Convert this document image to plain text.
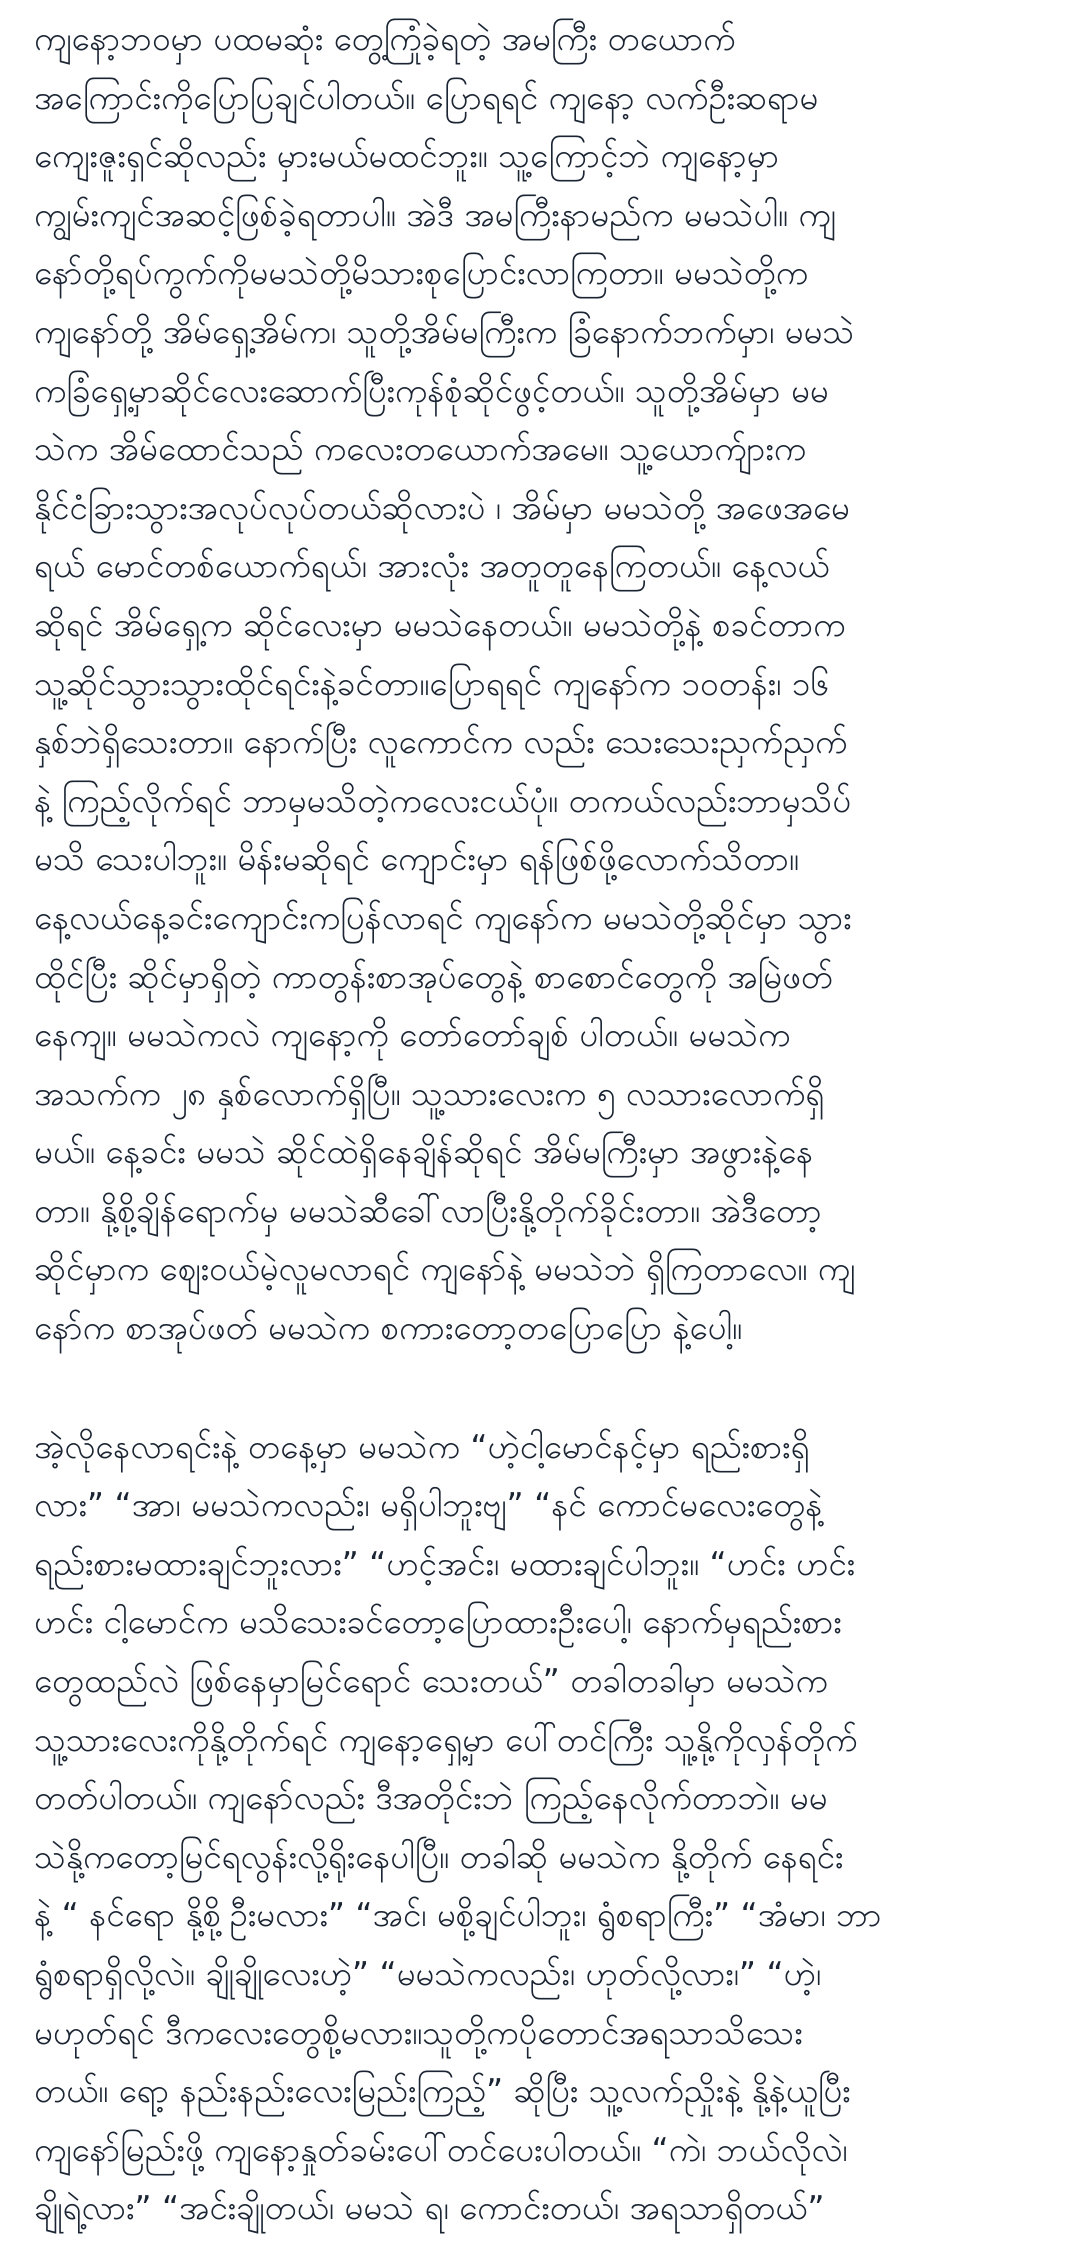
ကျနော့ဘဝမှာ ပထမဆုံး တွေ့ကြုံခဲ့ရတဲ့ အမကြီး တယောက်
အကြောင်းကိုပြောပြချင်ပါတယ်။ ပြောရရင် ကျနော့ လက်ဦးဆရာမ
ကျေးဇူးရှင်ဆိုလည်း မှားမယ်မထင်ဘူး။ သူ့ကြောင့်ဘဲ ကျနော့မှာ
ကျွမ်းကျင်အဆင့်ဖြစ်ခဲ့ရတာပါ။ အဲဒီ အမကြီးနာမည်က မမသဲပါ။ ကျ
နော်တို့ရပ်ကွက်ကိုမမသဲတို့မိသားစုပြောင်းလာကြတာ။ မမသဲတို့က
ကျနော်တို့ အိမ်ရှေ့အိမ်က၊ သူတို့အိမ်မကြီးက ခြံနောက်ဘက်မှာ၊ မမသဲ
ကခြံရှေ့မှာဆိုင်လေးဆောက်ပြီးကုန်စုံဆိုင်ဖွင့်တယ်။ သူတို့အိမ်မှာ မမ
သဲက အိမ်ထောင်သည် ကလေးတယောက်အမေ။ သူ့ယောက်ျားက
နိုင်ငံခြားသွားအလုပ်လုပ်တယ်ဆိုလားပဲ ၊ အိမ်မှာ မမသဲတို့ အဖေအမေ
ရယ် မောင်တစ်ယောက်ရယ်၊ အားလုံး အတူတူနေကြတယ်။ နေ့လယ်
ဆိုရင် အိမ်ရှေ့က ဆိုင်လေးမှာ မမသဲနေတယ်။ မမသဲတို့နဲ့ စခင်တာက
သူ့ဆိုင်သွားသွားထိုင်ရင်းနဲ့ခင်တာ။ပြောရရင် ကျနော်က ၁၀တန်း၊ ၁၆
နှစ်ဘဲရှိသေးတာ။ နောက်ပြီး လူကောင်က လည်း သေးသေးညှက်ညှက်
နဲ့ ကြည့်လိုက်ရင် ဘာမှမသိတဲ့ကလေးငယ်ပုံ။ တကယ်လည်းဘာမှသိပ်
မသိ သေးပါဘူး။ မိန်းမဆိုရင် ကျောင်းမှာ ရန်ဖြစ်ဖို့လောက်သိတာ။
နေ့လယ်နေ့ခင်းကျောင်းကပြန်လာရင် ကျနော်က မမသဲတို့ဆိုင်မှာ သွား
ထိုင်ပြီး ဆိုင်မှာရှိတဲ့ ကာတွန်းစာအုပ်တွေနဲ့ စာစောင်တွေကို အမြဲဖတ်
နေကျ။ မမသဲကလဲ ကျနော့ကို တော်တော်ချစ် ပါတယ်။ မမသဲက
အသက်က ၂၈ နှစ်လောက်ရှိပြီ။ သူ့သားလေးက ၅ လသားလောက်ရှိ
မယ်။ နေ့ခင်း မမသဲ ဆိုင်ထဲရှိနေချိန်ဆိုရင် အိမ်မကြီးမှာ အဖွားနဲ့နေ
တာ။ နို့စို့ချိန်ရောက်မှ မမသဲဆီခေါ်လာပြီးနို့တိုက်ခိုင်းတာ။ အဲဒီတော့
ဆိုင်မှာက ဈေးဝယ်မဲ့လူမလာရင် ကျနော်နဲ့ မမသဲဘဲ ရှိကြတာလေ။ ကျ
နော်က စာအုပ်ဖတ် မမသဲက စကားတော့တပြောပြော နဲ့ပေါ့။
အဲ့လိုနေလာရင်းနဲ့ တနေ့မှာ မမသဲက “ဟဲ့ငါ့မောင်နင့်မှာ ရည်းစားရှိ
လား” “အာ၊ မမသဲကလည်း၊ မရှိပါဘူးဗျ” “နင် ကောင်မလေးတွေနဲ့
ရည်းစားမထားချင်ဘူးလား” “ဟင့်အင်း၊ မထားချင်ပါဘူး။ “ဟင်း ဟင်း
ဟင်း ငါ့မောင်က မသိသေးခင်တော့ပြောထားဦးပေါ့၊ နောက်မှရည်းစား
တွေထည်လဲ ဖြစ်နေမှာမြင်ရောင် သေးတယ်” တခါတခါမှာ မမသဲက
သူ့သားလေးကိုနို့တိုက်ရင် ကျနော့ရှေ့မှာ ပေါ်တင်ကြီး သူ့နို့ကိုလှန်တိုက်
တတ်ပါတယ်။ ကျနော်လည်း ဒီအတိုင်းဘဲ ကြည့်နေလိုက်တာဘဲ။ မမ
သဲနို့ကတော့မြင်ရလွန်းလို့ရိုးနေပါပြီ။ တခါဆို မမသဲက နို့တိုက် နေရင်း
နဲ့ “ နင်ရော နို့စို့ဦးမလား” “အင်၊ မစို့ချင်ပါဘူး၊ ရွံစရာကြီး” “အံမာ၊ ဘာ
ရွံစရာရှိလို့လဲ။ ချိုချိုလေးဟဲ့” “မမသဲကလည်း၊ ဟုတ်လို့လား၊” “ဟဲ့၊
မဟုတ်ရင် ဒီကလေးတွေစို့မလား။သူတို့ကပိုတောင်အရသာသိသေး
တယ်။ ရော့ နည်းနည်းလေးမြည်းကြည့်” ဆိုပြီး သူ့လက်ညှိုးနဲ့ နို့နဲ့ယူပြီး
ကျနော်မြည်းဖို့ ကျနော့နှုတ်ခမ်းပေါ်တင်ပေးပါတယ်။ “ကဲ၊ ဘယ်လိုလဲ၊
ချိုရဲ့လား” “အင်းချိုတယ်၊ မမသဲ ရ၊ ကောင်းတယ်၊ အရသာရှိတယ်”
